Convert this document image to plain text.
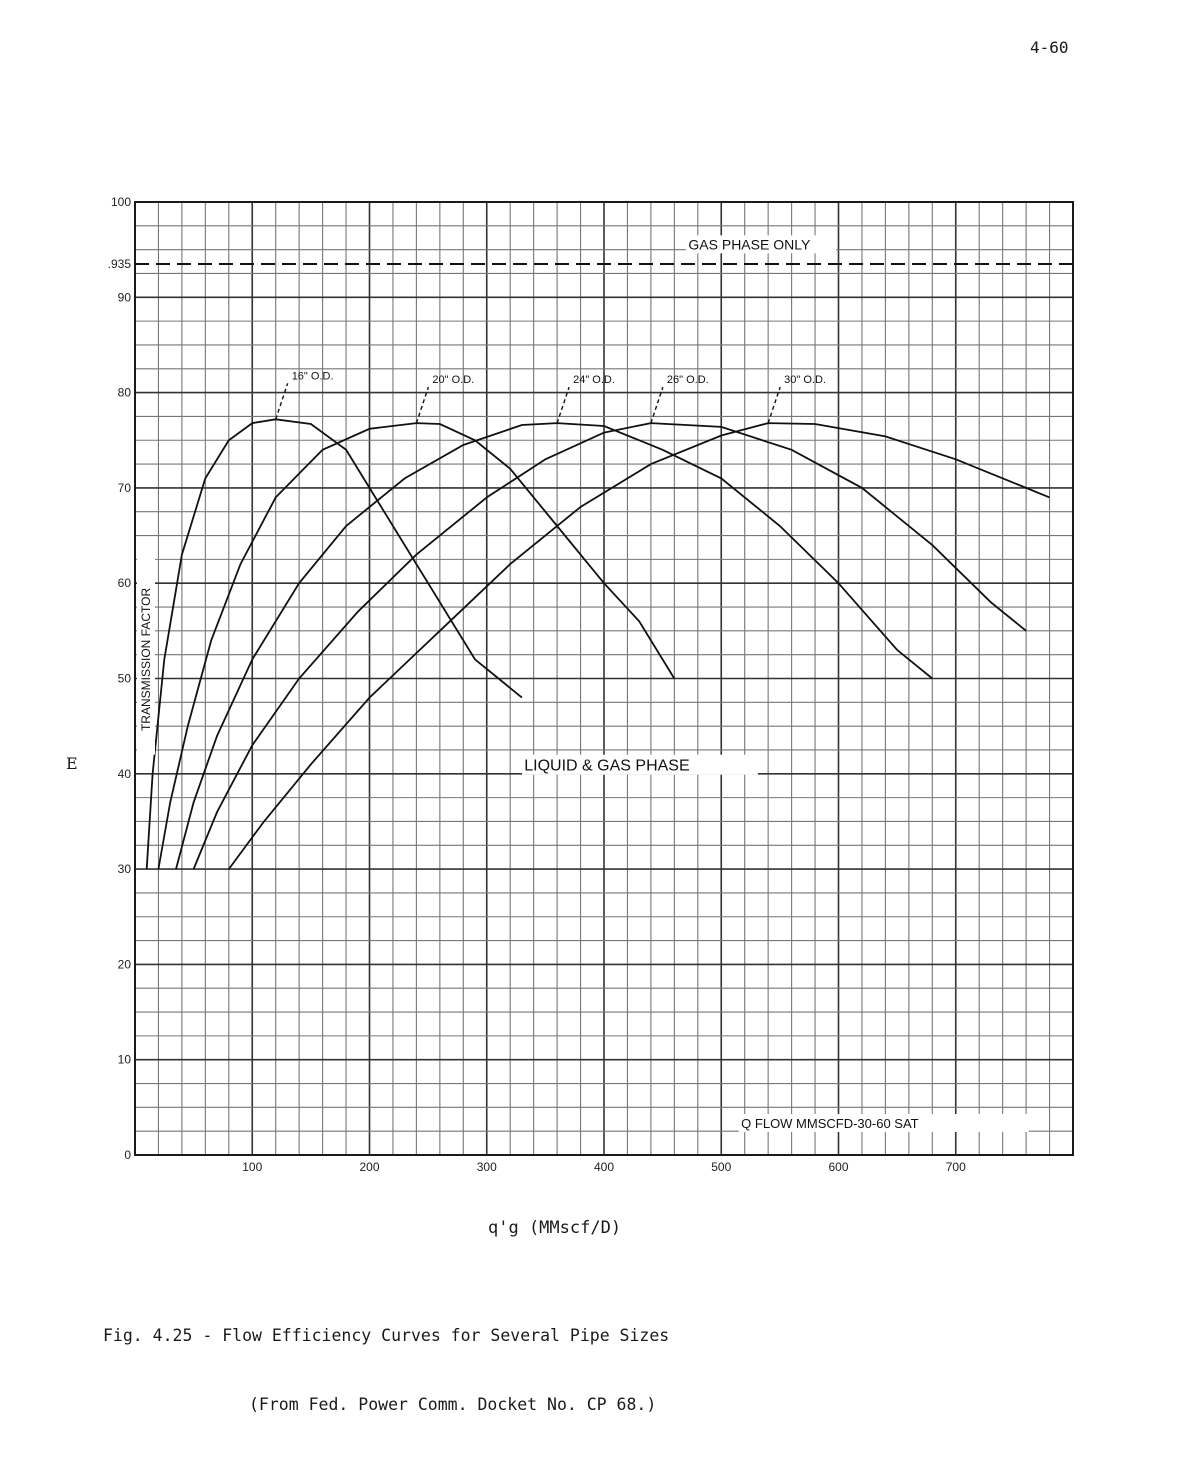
4-60
16" O.D.	20" O.D.	24" O.D.	26" O.D.	30" O.D.
100
.935
90
80
70
60
50
40
30
20
10
0
100	200	300	400	500	600	700
GAS PHASE ONLY
LIQUID & GAS PHASE
Q FLOW MMSCFD-30-60 SAT
TRANSMISSION FACTOR
E
q'g (MMscf/D)

Fig. 4.25 - Flow Efficiency Curves for Several Pipe Sizes

(From Fed. Power Comm. Docket No. CP 68.)
